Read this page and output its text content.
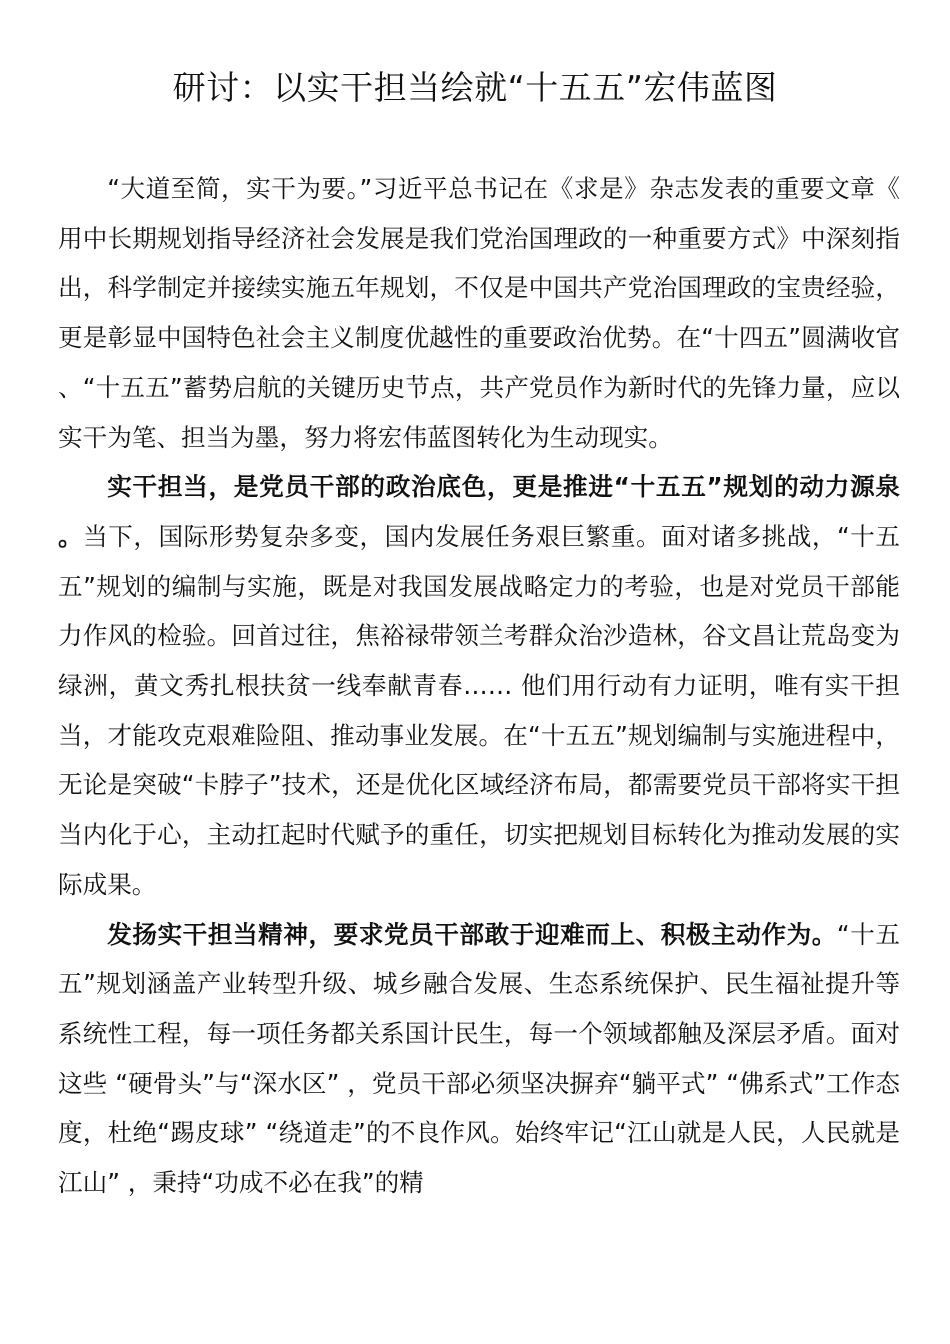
研讨：以实干担当绘就“十五五”宏伟蓝图

“大道至简，实干为要。”习近平总书记在《求是》杂志发表的重要文章《用中长期规划指导经济社会发展是我们党治国理政的一种重要方式》中深刻指出，科学制定并接续实施五年规划，不仅是中国共产党治国理政的宝贵经验，更是彰显中国特色社会主义制度优越性的重要政治优势。在“十四五”圆满收官、“十五五”蓄势启航的关键历史节点，共产党员作为新时代的先锋力量，应以实干为笔、担当为墨，努力将宏伟蓝图转化为生动现实。

实干担当，是党员干部的政治底色，更是推进“十五五”规划的动力源泉。当下，国际形势复杂多变，国内发展任务艰巨繁重。面对诸多挑战，“十五五”规划的编制与实施，既是对我国发展战略定力的考验，也是对党员干部能力作风的检验。回首过往，焦裕禄带领兰考群众治沙造林，谷文昌让荒岛变为绿洲，黄文秀扎根扶贫一线奉献青春…… 他们用行动有力证明，唯有实干担当，才能攻克艰难险阻、推动事业发展。在“十五五”规划编制与实施进程中，无论是突破“卡脖子”技术，还是优化区域经济布局，都需要党员干部将实干担当内化于心，主动扛起时代赋予的重任，切实把规划目标转化为推动发展的实际成果。

发扬实干担当精神，要求党员干部敢于迎难而上、积极主动作为。“十五五”规划涵盖产业转型升级、城乡融合发展、生态系统保护、民生福祉提升等系统性工程，每一项任务都关系国计民生，每一个领域都触及深层矛盾。面对这些 “硬骨头”与“深水区” ，党员干部必须坚决摒弃“躺平式” “佛系式”工作态度，杜绝“踢皮球” “绕道走”的不良作风。始终牢记“江山就是人民，人民就是江山” ，秉持“功成不必在我”的精
